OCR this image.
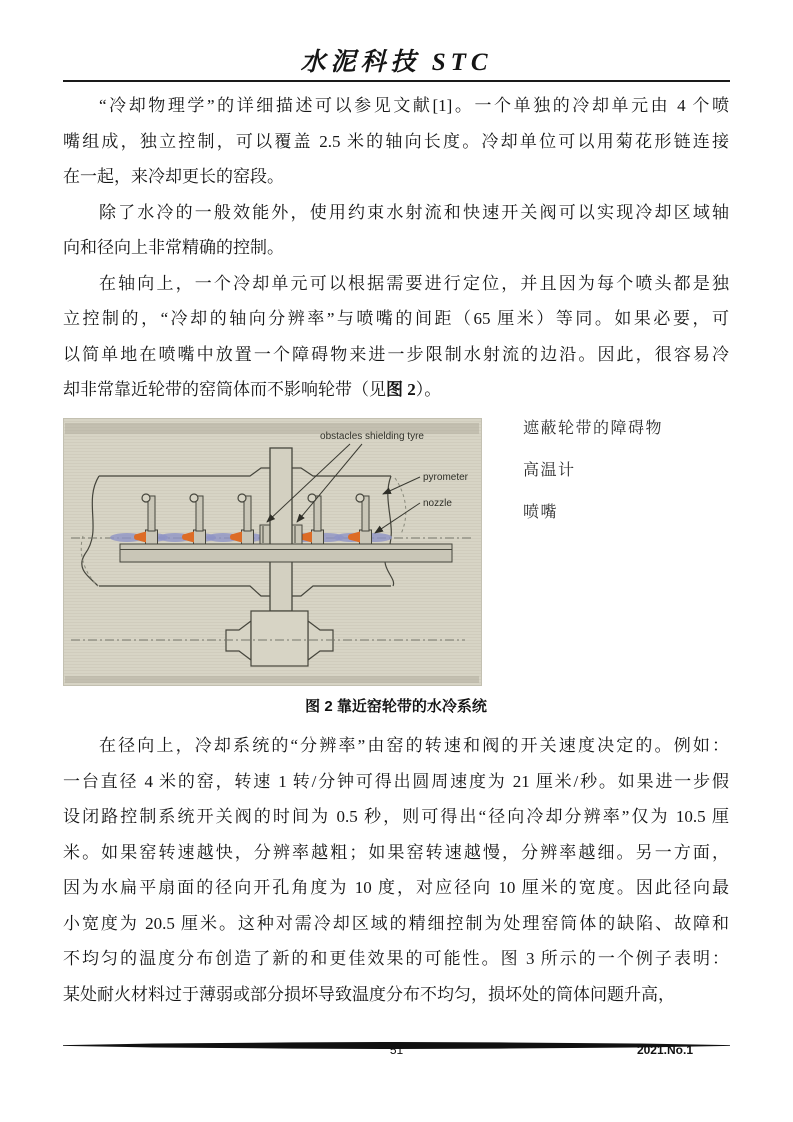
水泥科技 STC
“冷却物理学”的详细描述可以参见文献[1]。一个单独的冷却单元由 4 个喷
嘴组成，独立控制，可以覆盖 2.5 米的轴向长度。冷却单位可以用菊花形链连接
在一起，来冷却更长的窑段。
除了水冷的一般效能外，使用约束水射流和快速开关阀可以实现冷却区域轴
向和径向上非常精确的控制。
在轴向上，一个冷却单元可以根据需要进行定位，并且因为每个喷头都是独
立控制的，“冷却的轴向分辨率”与喷嘴的间距（65 厘米）等同。如果必要，可
以简单地在喷嘴中放置一个障碍物来进一步限制水射流的边沿。因此，很容易冷
却非常靠近轮带的窑筒体而不影响轮带（见图 2）。
obstacles shielding tyre
pyrometer
nozzle
图 2 靠近窑轮带的水冷系统
在径向上，冷却系统的“分辨率”由窑的转速和阀的开关速度决定的。例如：
一台直径 4 米的窑，转速 1 转/分钟可得出圆周速度为 21 厘米/秒。如果进一步假
设闭路控制系统开关阀的时间为 0.5 秒，则可得出“径向冷却分辨率”仅为 10.5 厘
米。如果窑转速越快，分辨率越粗；如果窑转速越慢，分辨率越细。另一方面，
因为水扁平扇面的径向开孔角度为 10 度，对应径向 10 厘米的宽度。因此径向最
小宽度为 20.5 厘米。这种对需冷却区域的精细控制为处理窑筒体的缺陷、故障和
不均匀的温度分布创造了新的和更佳效果的可能性。图 3 所示的一个例子表明：
某处耐火材料过于薄弱或部分损坏导致温度分布不均匀，损坏处的筒体问题升高，
遮蔽轮带的障碍物
高温计
喷嘴
51	2021.No.1
